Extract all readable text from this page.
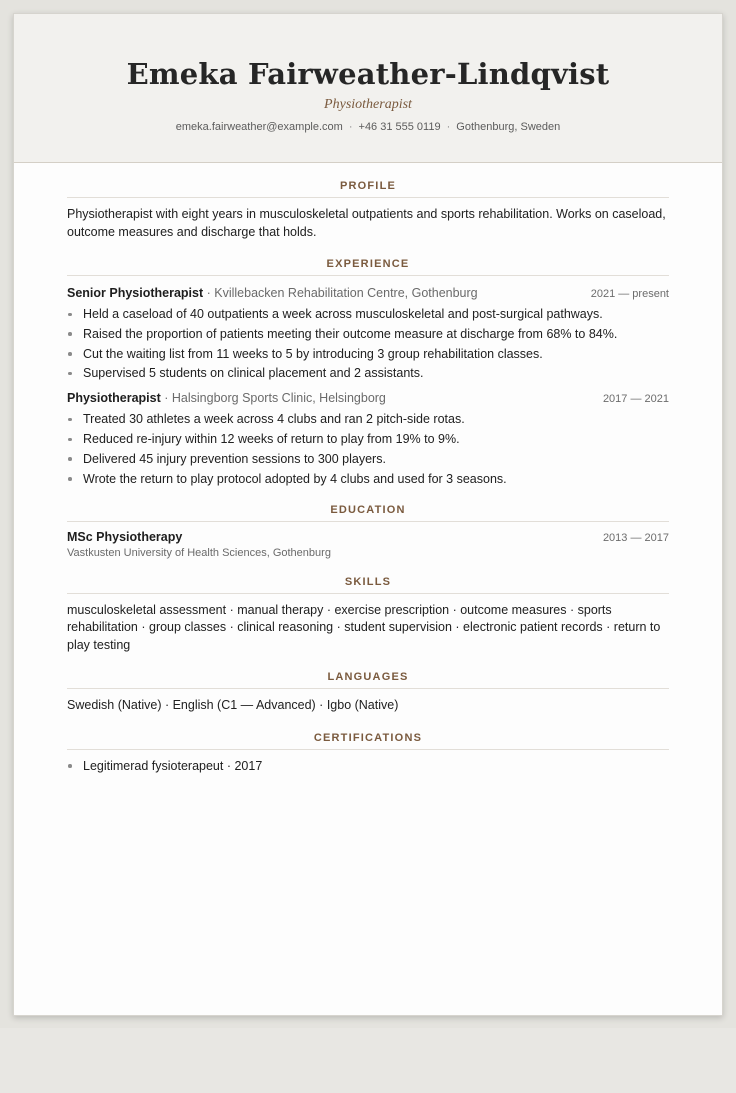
Emeka Fairweather-Lindqvist
Physiotherapist
emeka.fairweather@example.com · +46 31 555 0119 · Gothenburg, Sweden
PROFILE
Physiotherapist with eight years in musculoskeletal outpatients and sports rehabilitation. Works on caseload, outcome measures and discharge that holds.
EXPERIENCE
Senior Physiotherapist · Kvillebacken Rehabilitation Centre, Gothenburg	2021 — present
Held a caseload of 40 outpatients a week across musculoskeletal and post-surgical pathways.
Raised the proportion of patients meeting their outcome measure at discharge from 68% to 84%.
Cut the waiting list from 11 weeks to 5 by introducing 3 group rehabilitation classes.
Supervised 5 students on clinical placement and 2 assistants.
Physiotherapist · Halsingborg Sports Clinic, Helsingborg	2017 — 2021
Treated 30 athletes a week across 4 clubs and ran 2 pitch-side rotas.
Reduced re-injury within 12 weeks of return to play from 19% to 9%.
Delivered 45 injury prevention sessions to 300 players.
Wrote the return to play protocol adopted by 4 clubs and used for 3 seasons.
EDUCATION
MSc Physiotherapy	2013 — 2017
Vastkusten University of Health Sciences, Gothenburg
SKILLS
musculoskeletal assessment · manual therapy · exercise prescription · outcome measures · sports rehabilitation · group classes · clinical reasoning · student supervision · electronic patient records · return to play testing
LANGUAGES
Swedish (Native) · English (C1 — Advanced) · Igbo (Native)
CERTIFICATIONS
Legitimerad fysioterapeut · 2017
